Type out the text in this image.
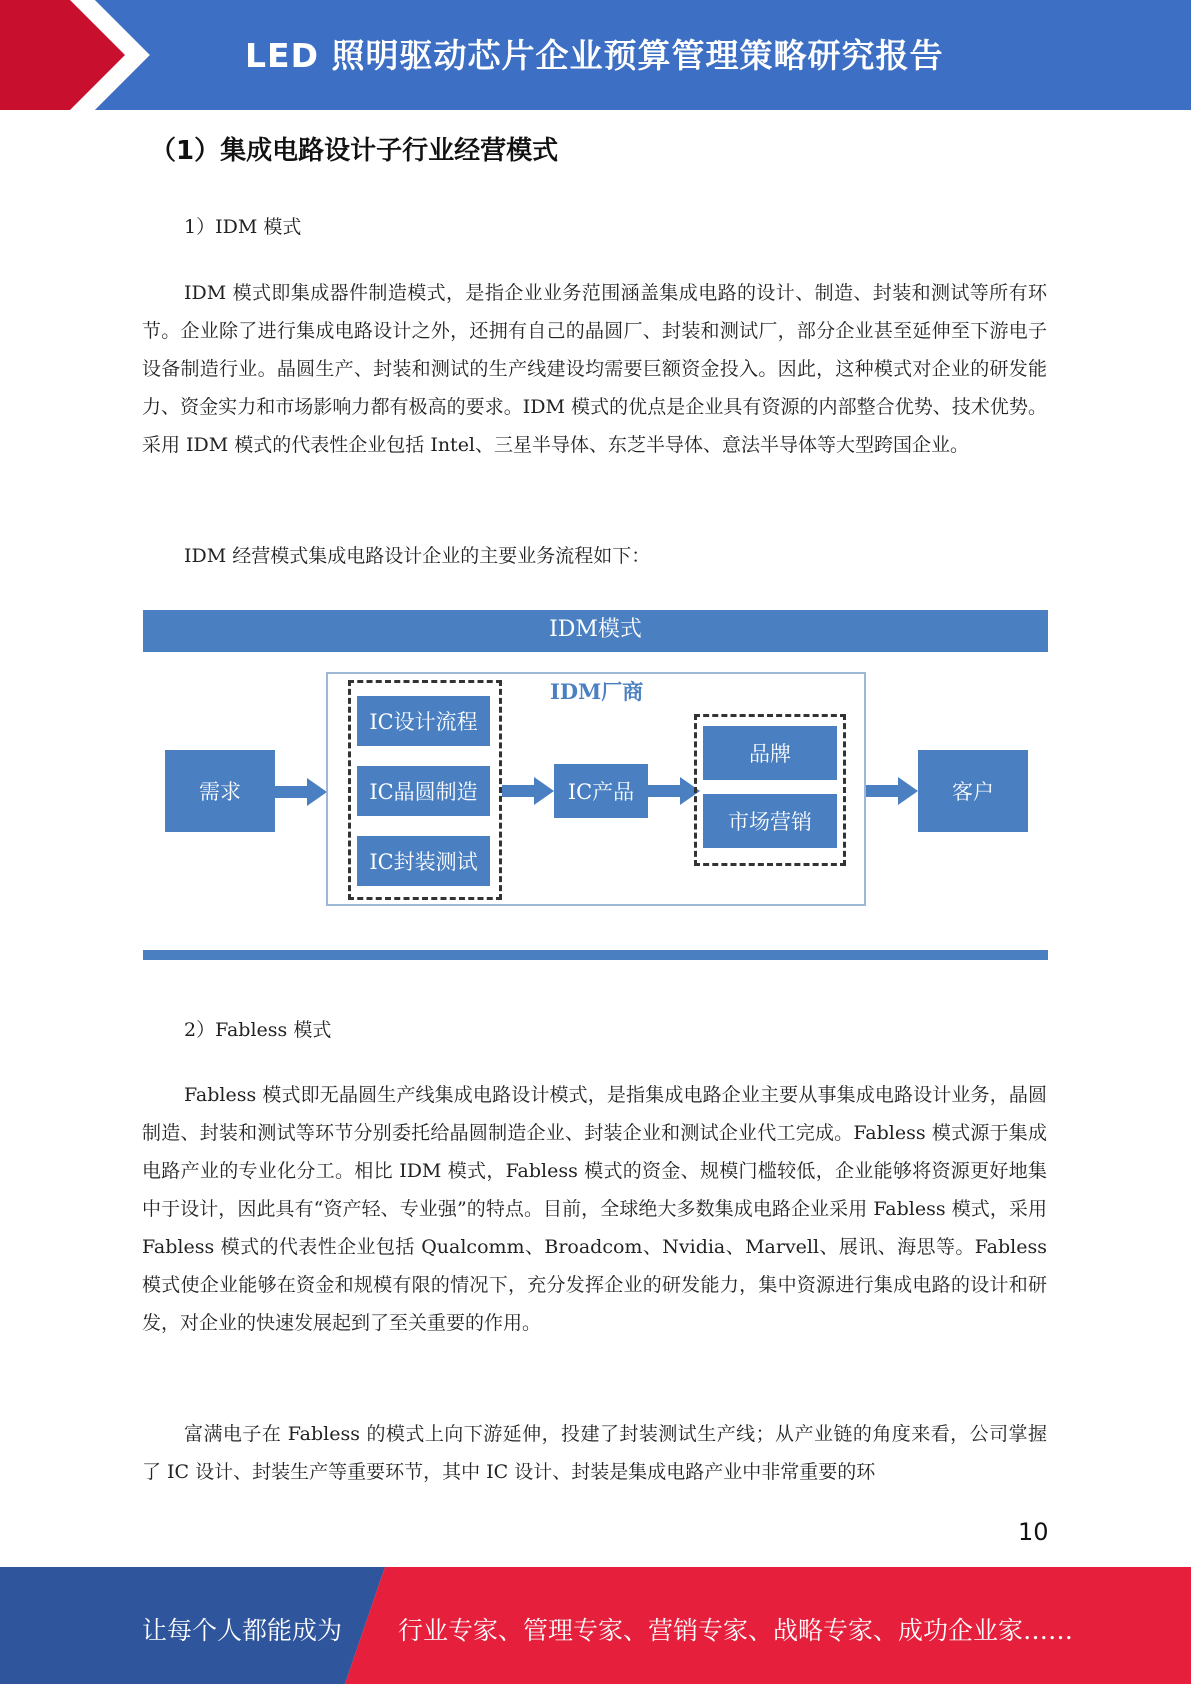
LED 照明驱动芯片企业预算管理策略研究报告
（1）集成电路设计子行业经营模式
1）IDM 模式

IDM 模式即集成器件制造模式，是指企业业务范围涵盖集成电路的设计、制造、封装和测试等所有环节。企业除了进行集成电路设计之外，还拥有自己的晶圆厂、封装和测试厂，部分企业甚至延伸至下游电子设备制造行业。晶圆生产、封装和测试的生产线建设均需要巨额资金投入。因此，这种模式对企业的研发能力、资金实力和市场影响力都有极高的要求。IDM 模式的优点是企业具有资源的内部整合优势、技术优势。采用 IDM 模式的代表性企业包括 Intel、三星半导体、东芝半导体、意法半导体等大型跨国企业。

IDM 经营模式集成电路设计企业的主要业务流程如下：

IDM模式
需求
IDM厂商
IC设计流程
IC晶圆制造
IC封装测试
IC产品
品牌
市场营销
客户
2）Fabless 模式

Fabless 模式即无晶圆生产线集成电路设计模式，是指集成电路企业主要从事集成电路设计业务，晶圆制造、封装和测试等环节分别委托给晶圆制造企业、封装企业和测试企业代工完成。Fabless 模式源于集成电路产业的专业化分工。相比 IDM 模式，Fabless 模式的资金、规模门槛较低，企业能够将资源更好地集中于设计，因此具有“资产轻、专业强”的特点。目前，全球绝大多数集成电路企业采用 Fabless 模式，采用 Fabless 模式的代表性企业包括 Qualcomm、Broadcom、Nvidia、Marvell、展讯、海思等。Fabless 模式使企业能够在资金和规模有限的情况下，充分发挥企业的研发能力，集中资源进行集成电路的设计和研发，对企业的快速发展起到了至关重要的作用。

富满电子在 Fabless 的模式上向下游延伸，投建了封装测试生产线；从产业链的角度来看，公司掌握了 IC 设计、封装生产等重要环节，其中 IC 设计、封装是集成电路产业中非常重要的环

10
让每个人都能成为 行业专家、管理专家、营销专家、战略专家、成功企业家……
